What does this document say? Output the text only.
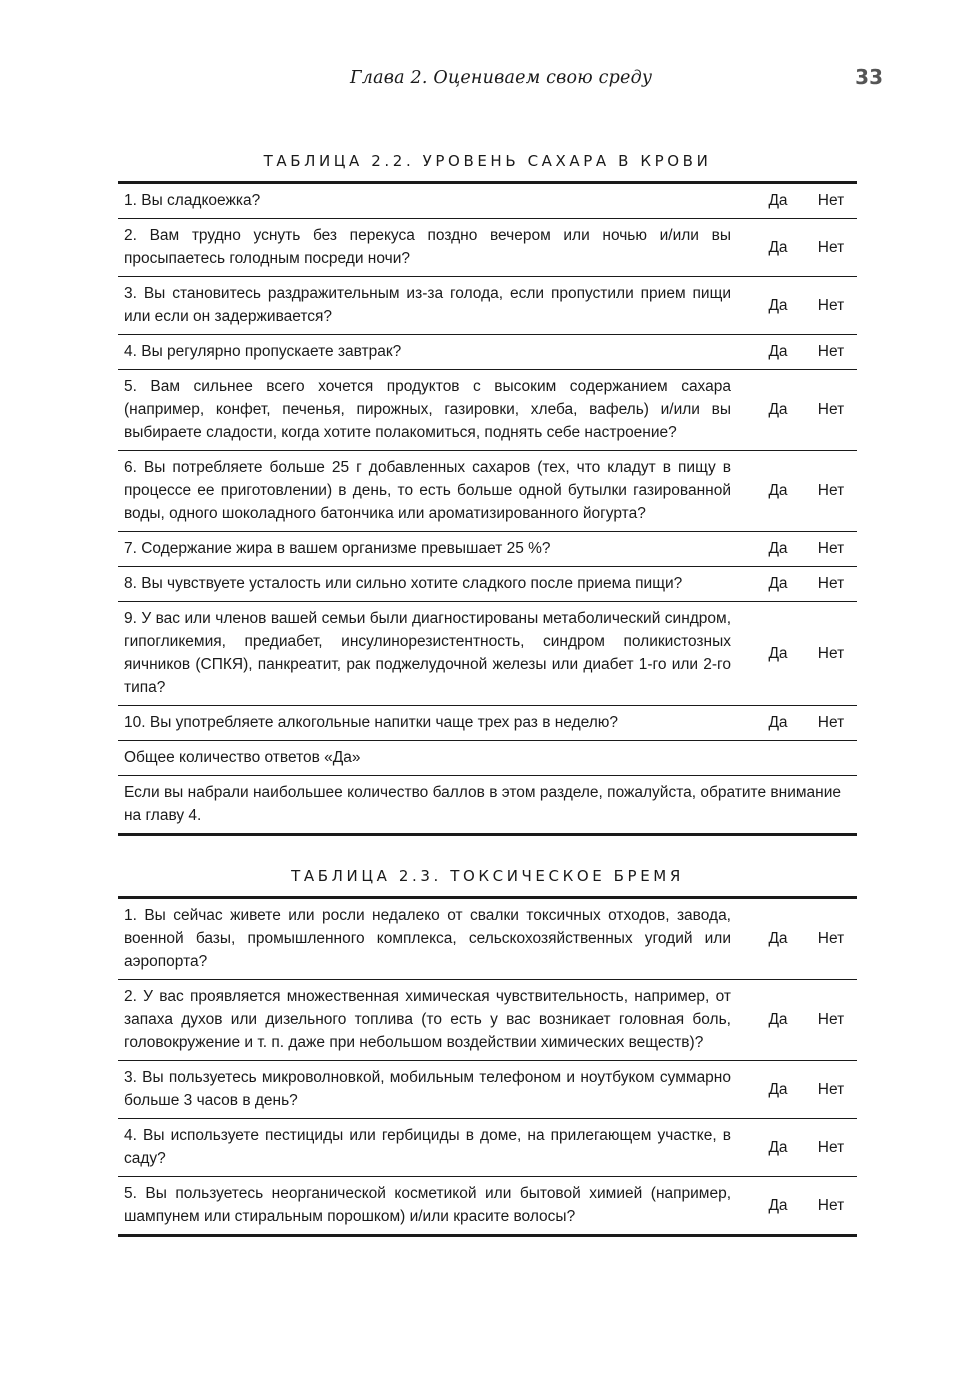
Глава 2. Оцениваем свою среду	33
ТАБЛИЦА 2.2. УРОВЕНЬ САХАРА В КРОВИ
1. Вы сладкоежка?	Да	Нет
2. Вам трудно уснуть без перекуса поздно вечером или ночью и/или вы просыпаетесь голодным посреди ночи?	Да	Нет
3. Вы становитесь раздражительным из-за голода, если пропустили прием пищи или если он задерживается?	Да	Нет
4. Вы регулярно пропускаете завтрак?	Да	Нет
5. Вам сильнее всего хочется продуктов с высоким содержанием сахара (например, конфет, печенья, пирожных, газировки, хлеба, вафель) и/или вы выбираете сладости, когда хотите полакомиться, поднять себе настроение?	Да	Нет
6. Вы потребляете больше 25 г добавленных сахаров (тех, что кладут в пищу в процессе ее приготовлении) в день, то есть больше одной бутылки газированной воды, одного шоколадного батончика или ароматизированного йогурта?	Да	Нет
7. Содержание жира в вашем организме превышает 25 %?	Да	Нет
8. Вы чувствуете усталость или сильно хотите сладкого после приема пищи?	Да	Нет
9. У вас или членов вашей семьи были диагностированы метаболический синдром, гипогликемия, предиабет, инсулинорезистентность, синдром поликистозных яичников (СПКЯ), панкреатит, рак поджелудочной железы или диабет 1-го или 2-го типа?	Да	Нет
10. Вы употребляете алкогольные напитки чаще трех раз в неделю?	Да	Нет
Общее количество ответов «Да»		
Если вы набрали наибольшее количество баллов в этом разделе, пожалуйста, обратите внимание на главу 4.		
ТАБЛИЦА 2.3. ТОКСИЧЕСКОЕ БРЕМЯ
1. Вы сейчас живете или росли недалеко от свалки токсичных отходов, завода, военной базы, промышленного комплекса, сельскохозяйственных угодий или аэропорта?	Да	Нет
2. У вас проявляется множественная химическая чувствительность, например, от запаха духов или дизельного топлива (то есть у вас возникает головная боль, головокружение и т. п. даже при небольшом воздействии химических веществ)?	Да	Нет
3. Вы пользуетесь микроволновкой, мобильным телефоном и ноутбуком суммарно больше 3 часов в день?	Да	Нет
4. Вы используете пестициды или гербициды в доме, на прилегающем участке, в саду?	Да	Нет
5. Вы пользуетесь неорганической косметикой или бытовой химией (например, шампунем или стиральным порошком) и/или красите волосы?	Да	Нет
